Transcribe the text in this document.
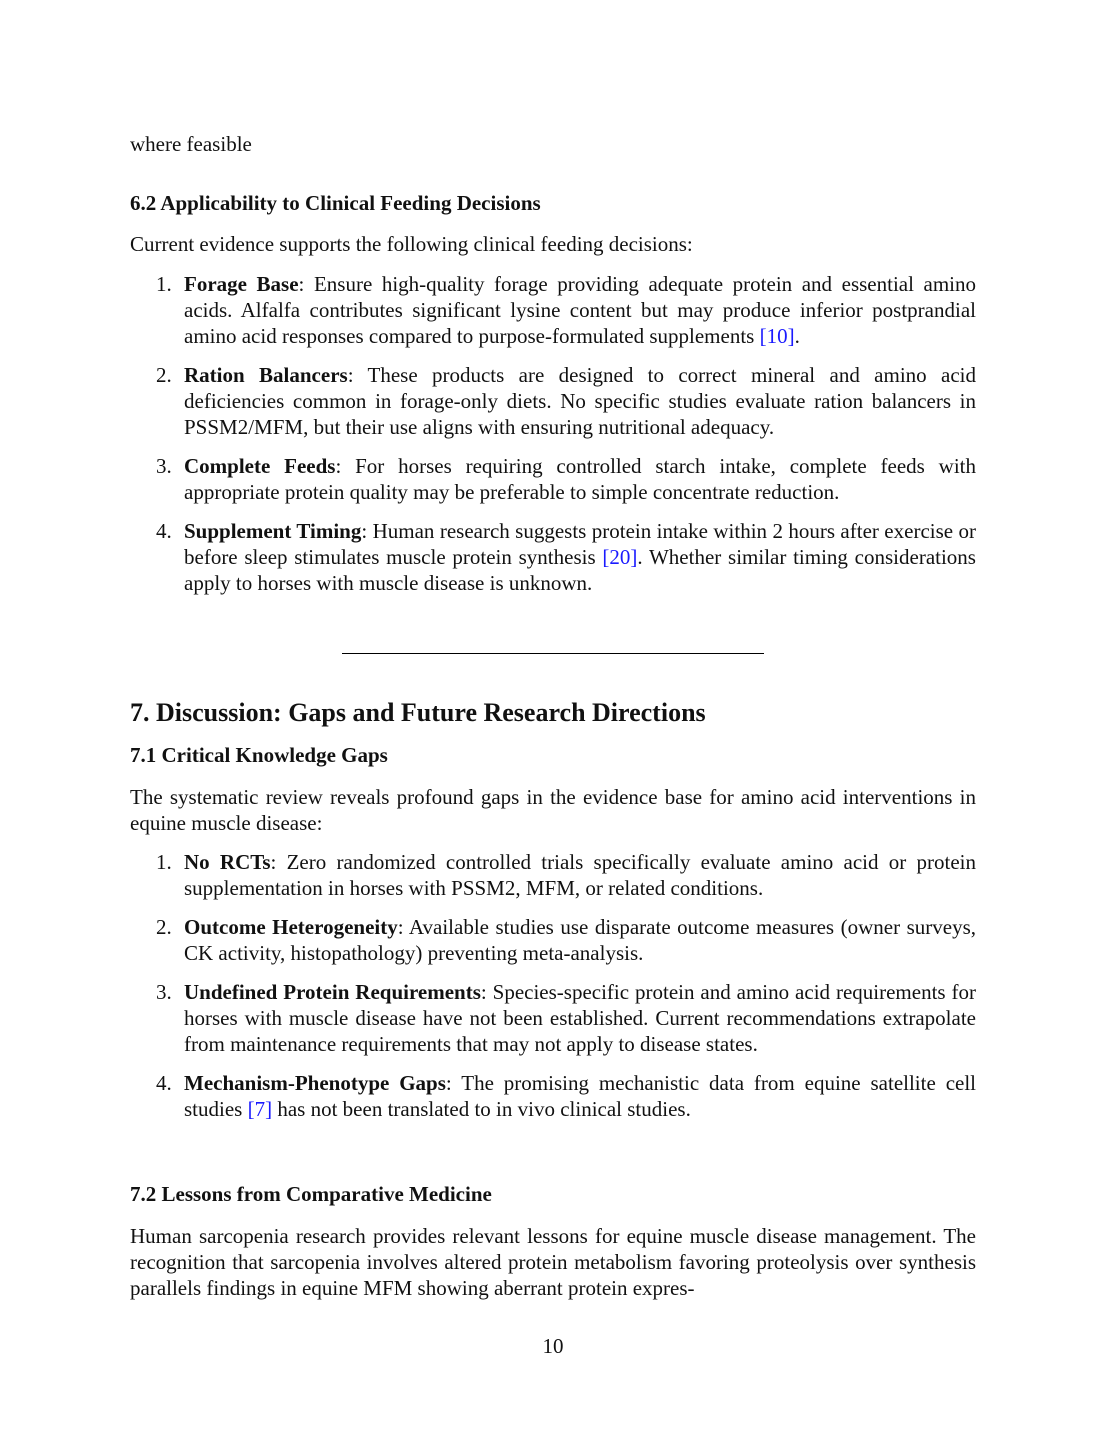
where feasible
6.2 Applicability to Clinical Feeding Decisions
Current evidence supports the following clinical feeding decisions:
1. Forage Base: Ensure high-quality forage providing adequate protein and essential amino acids. Alfalfa contributes significant lysine content but may produce inferior postprandial amino acid responses compared to purpose-formulated supplements [10].
2. Ration Balancers: These products are designed to correct mineral and amino acid deficiencies common in forage-only diets. No specific studies evaluate ration balancers in PSSM2/MFM, but their use aligns with ensuring nutritional adequacy.
3. Complete Feeds: For horses requiring controlled starch intake, complete feeds with appropriate protein quality may be preferable to simple concentrate reduction.
4. Supplement Timing: Human research suggests protein intake within 2 hours after exercise or before sleep stimulates muscle protein synthesis [20]. Whether similar timing considerations apply to horses with muscle disease is unknown.
7. Discussion: Gaps and Future Research Directions
7.1 Critical Knowledge Gaps
The systematic review reveals profound gaps in the evidence base for amino acid interventions in equine muscle disease:
1. No RCTs: Zero randomized controlled trials specifically evaluate amino acid or protein supplementation in horses with PSSM2, MFM, or related conditions.
2. Outcome Heterogeneity: Available studies use disparate outcome measures (owner surveys, CK activity, histopathology) preventing meta-analysis.
3. Undefined Protein Requirements: Species-specific protein and amino acid requirements for horses with muscle disease have not been established. Current recommendations extrapolate from maintenance requirements that may not apply to disease states.
4. Mechanism-Phenotype Gaps: The promising mechanistic data from equine satellite cell studies [7] has not been translated to in vivo clinical studies.
7.2 Lessons from Comparative Medicine
Human sarcopenia research provides relevant lessons for equine muscle disease management. The recognition that sarcopenia involves altered protein metabolism favoring proteolysis over synthesis parallels findings in equine MFM showing aberrant protein expres-
10
